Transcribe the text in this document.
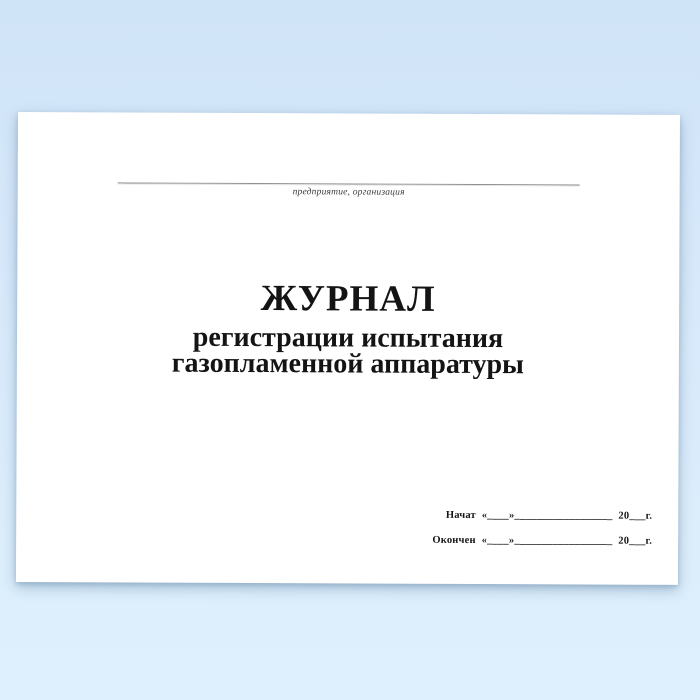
предприятие, организация
ЖУРНАЛ

регистрации испытания
газопламенной аппаратуры

Начат «____»__________________ 20___г.
Окончен «____»__________________ 20___г.
